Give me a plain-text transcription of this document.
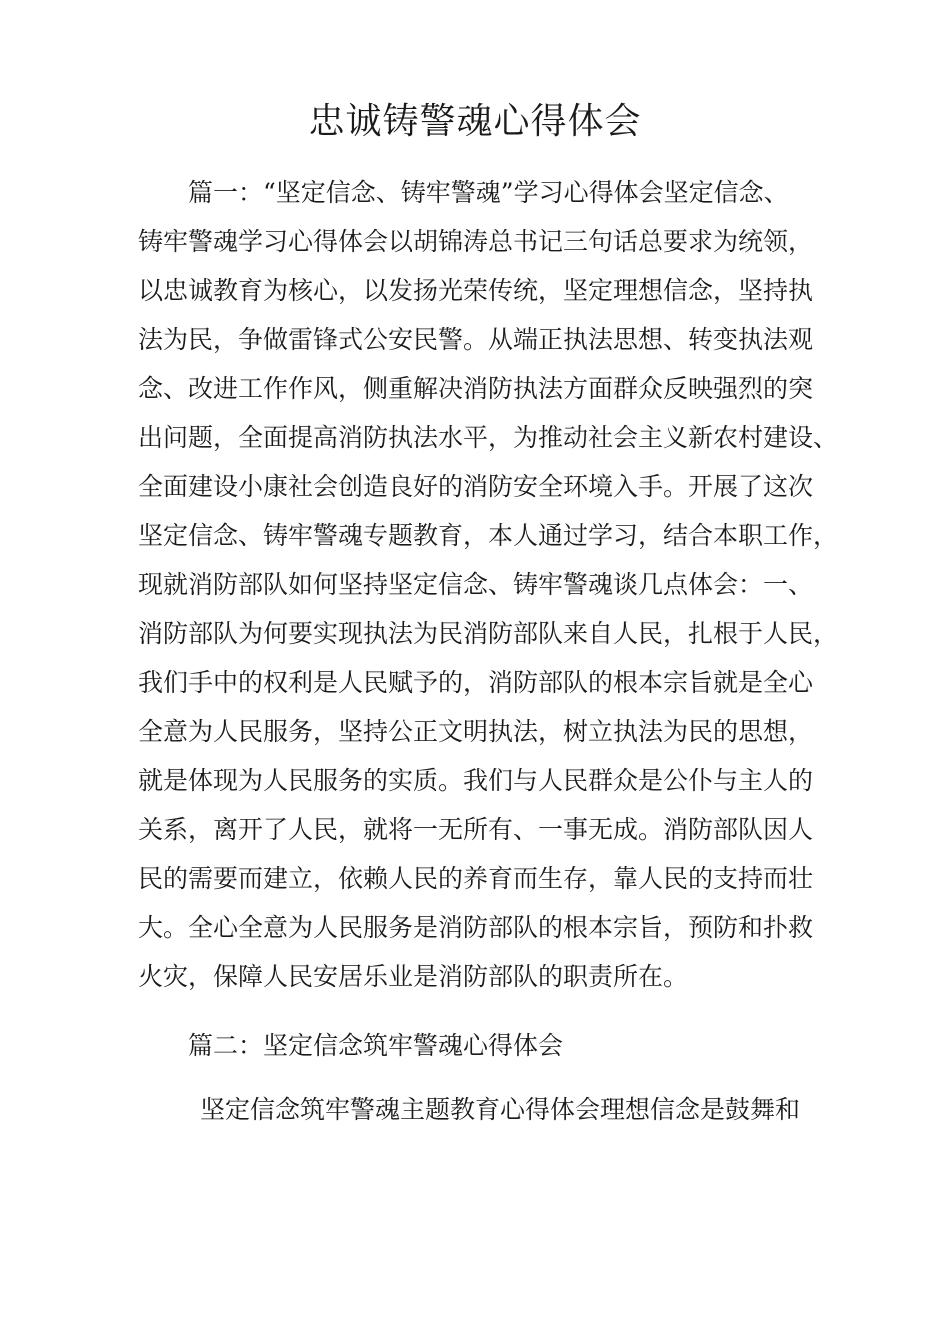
忠诚铸警魂心得体会
篇一：“坚定信念、铸牢警魂”学习心得体会坚定信念、
铸牢警魂学习心得体会以胡锦涛总书记三句话总要求为统领，
以忠诚教育为核心，以发扬光荣传统，坚定理想信念，坚持执
法为民，争做雷锋式公安民警。从端正执法思想、转变执法观
念、改进工作作风，侧重解决消防执法方面群众反映强烈的突
出问题，全面提高消防执法水平，为推动社会主义新农村建设、
全面建设小康社会创造良好的消防安全环境入手。开展了这次
坚定信念、铸牢警魂专题教育，本人通过学习，结合本职工作，
现就消防部队如何坚持坚定信念、铸牢警魂谈几点体会：一、
消防部队为何要实现执法为民消防部队来自人民，扎根于人民，
我们手中的权利是人民赋予的，消防部队的根本宗旨就是全心
全意为人民服务，坚持公正文明执法，树立执法为民的思想，
就是体现为人民服务的实质。我们与人民群众是公仆与主人的
关系，离开了人民，就将一无所有、一事无成。消防部队因人
民的需要而建立，依赖人民的养育而生存，靠人民的支持而壮
大。全心全意为人民服务是消防部队的根本宗旨，预防和扑救
火灾，保障人民安居乐业是消防部队的职责所在。
篇二：坚定信念筑牢警魂心得体会
坚定信念筑牢警魂主题教育心得体会理想信念是鼓舞和
